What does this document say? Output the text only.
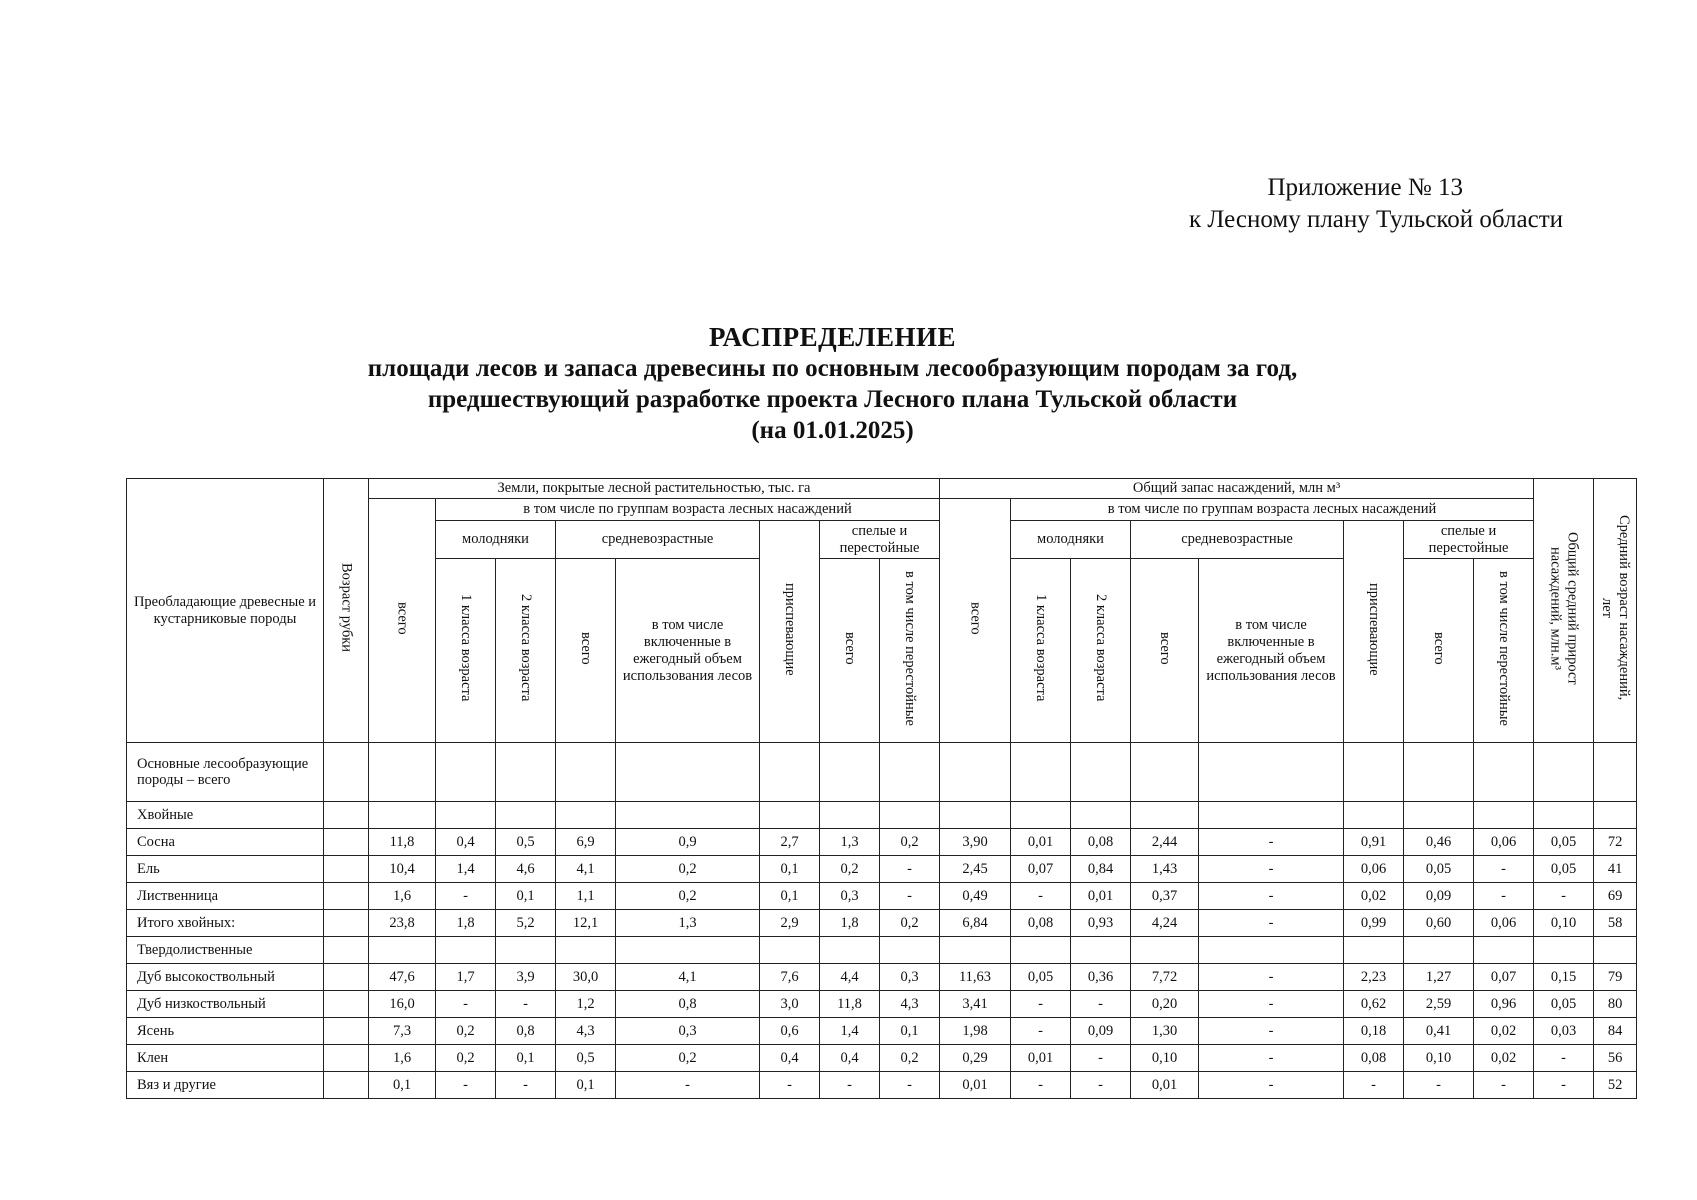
Приложение № 13
к Лесному плану Тульской области
РАСПРЕДЕЛЕНИЕ
площади лесов и запаса древесины по основным лесообразующим породам за год,
предшествующий разработке проекта Лесного плана Тульской области
(на 01.01.2025)
Преобладающие древесные и кустарниковые породы	Возраст рубки	Земли, покрытые лесной растительностью, тыс. га								Общий запас насаждений, млн м³								Общий средний прирост насаждений, млн.м³	Средний возраст насаждений, лет
		всего	в том числе по группам возраста лесных насаждений							всего	в том числе по группам возраста лесных насаждений								
			молодняки		средневозрастные		приспевающие	спелые и перестойные			молодняки		средневозрастные		приспевающие	спелые и перестойные			
			1 класса возраста	2 класса возраста	всего	в том числе включенные в ежегодный объем использования лесов		всего	в том числе перестойные		1 класса возраста	2 класса возраста	всего	в том числе включенные в ежегодный объем использования лесов		всего	в том числе перестойные		

Основные лесообразующие породы – всего																			
Хвойные																			
Сосна		11,8	0,4	0,5	6,9	0,9	2,7	1,3	0,2	3,90	0,01	0,08	2,44	-	0,91	0,46	0,06	0,05	72
Ель		10,4	1,4	4,6	4,1	0,2	0,1	0,2	-	2,45	0,07	0,84	1,43	-	0,06	0,05	-	0,05	41
Лиственница		1,6	-	0,1	1,1	0,2	0,1	0,3	-	0,49	-	0,01	0,37	-	0,02	0,09	-	-	69
Итого хвойных:		23,8	1,8	5,2	12,1	1,3	2,9	1,8	0,2	6,84	0,08	0,93	4,24	-	0,99	0,60	0,06	0,10	58
Твердолиственные																			
Дуб высокоствольный		47,6	1,7	3,9	30,0	4,1	7,6	4,4	0,3	11,63	0,05	0,36	7,72	-	2,23	1,27	0,07	0,15	79
Дуб низкоствольный		16,0	-	-	1,2	0,8	3,0	11,8	4,3	3,41	-	-	0,20	-	0,62	2,59	0,96	0,05	80
Ясень		7,3	0,2	0,8	4,3	0,3	0,6	1,4	0,1	1,98	-	0,09	1,30	-	0,18	0,41	0,02	0,03	84
Клен		1,6	0,2	0,1	0,5	0,2	0,4	0,4	0,2	0,29	0,01	-	0,10	-	0,08	0,10	0,02	-	56
Вяз и другие		0,1	-	-	0,1	-	-	-	-	0,01	-	-	0,01	-	-	-	-	-	52
